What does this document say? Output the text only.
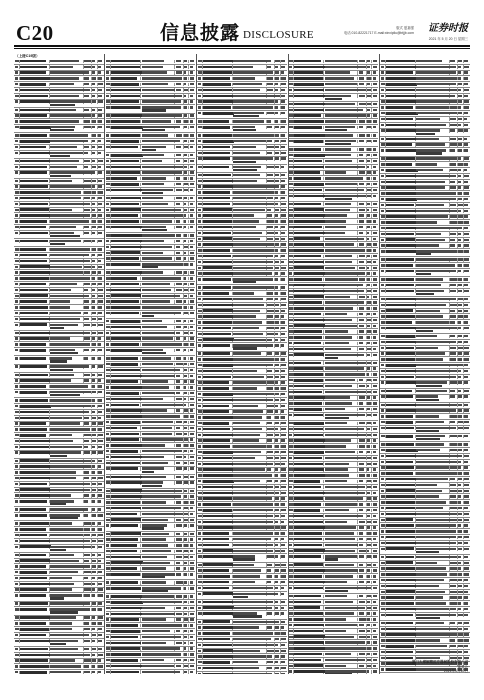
C20	信息披露 DISCLOSURE
版式 夏嘉强
电话 010-82221717 E-mail:xinxipilu@btjjb.com	证券时报
2021 年 5 月 20 日 星期三
（上接C19版）
厦门大博颖精医疗器械股份有限公司
董事会
2021年5月20日
